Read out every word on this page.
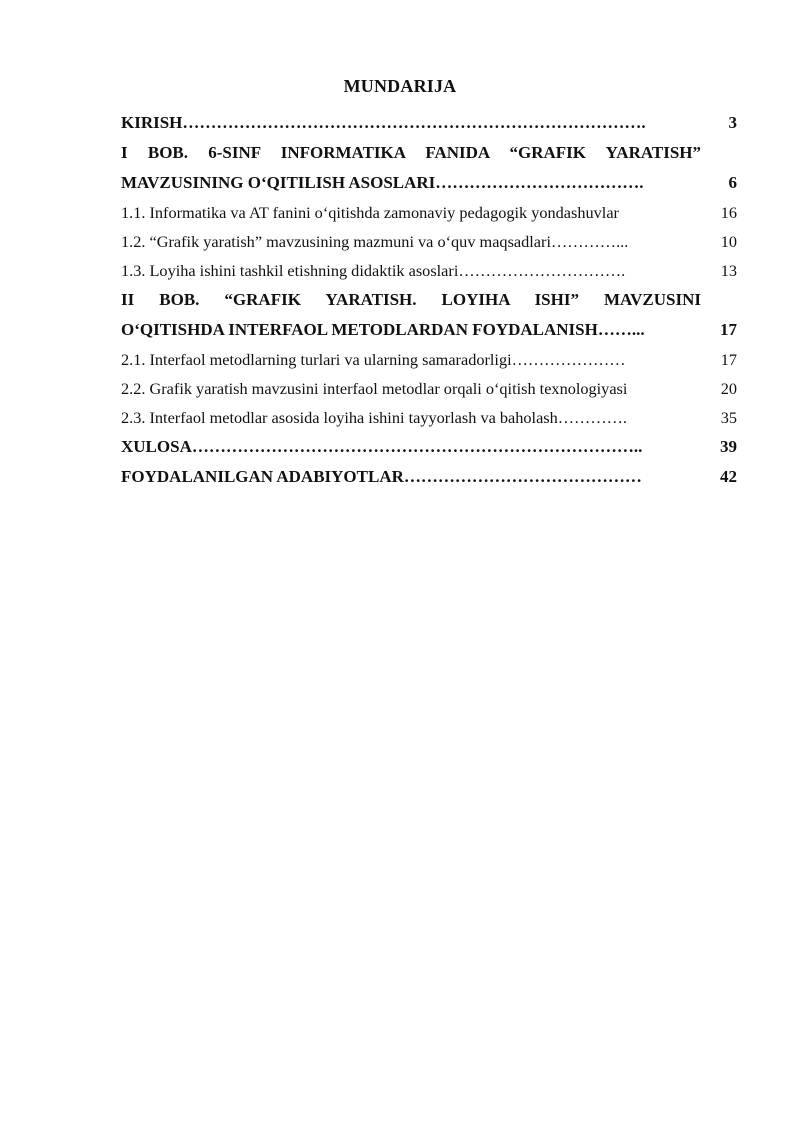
MUNDARIJA
KIRISH……………………………………………………………………….	3
I BOB. 6-SINF INFORMATIKA FANIDA “GRAFIK YARATISH”
MAVZUSINING O‘QITILISH ASOSLARI……………………………….	6
1.1. Informatika va AT fanini o‘qitishda zamonaviy pedagogik yondashuvlar	16
1.2. “Grafik yaratish” mavzusining mazmuni va o‘quv maqsadlari…………...	10
1.3. Loyiha ishini tashkil etishning didaktik asoslari………………………….	13
II BOB. “GRAFIK YARATISH. LOYIHA ISHI” MAVZUSINI
O‘QITISHDA INTERFAOL METODLARDAN FOYDALANISH……...	17
2.1. Interfaol metodlarning turlari va ularning samaradorligi…………………	17
2.2. Grafik yaratish mavzusini interfaol metodlar orqali o‘qitish texnologiyasi	20
2.3. Interfaol metodlar asosida loyiha ishini tayyorlash va baholash………….	35
XULOSA……………………………………………………………………..	39
FOYDALANILGAN ADABIYOTLAR……………………………………	42
